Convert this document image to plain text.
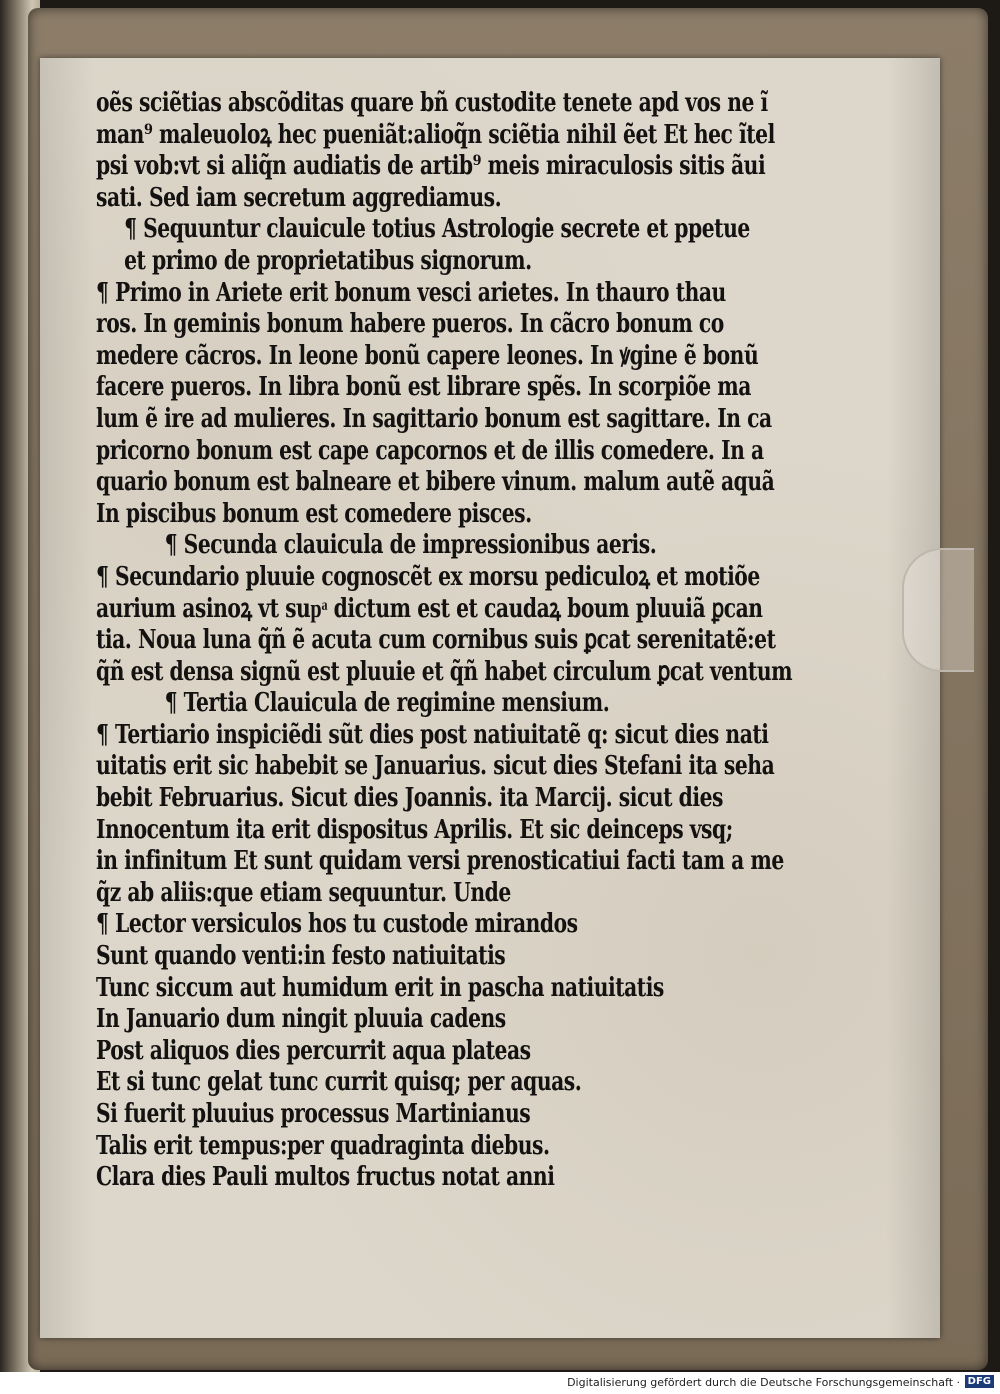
oẽs sciẽtias abscõditas quare bñ custodite tenete apd vos ne ĩ
man⁹ maleuoloꝝ hec pueniãt:alioq̃n sciẽtia nihil ẽet Et hec ĩtel
psi vob:vt si aliq̃n audiatis de artib⁹ meis miraculosis sitis ãui
sati. Sed iam secretum aggrediamus.
¶ Sequuntur clauicule totius Astrologie secrete et ppetue
et primo de proprietatibus signorum.
¶ Primo in Ariete erit bonum vesci arietes. In thauro thau
ros. In geminis bonum habere pueros. In cãcro bonum co
medere cãcros. In leone bonũ capere leones. In ꝟgine ẽ bonũ
facere pueros. In libra bonũ est librare spẽs. In scorpiõe ma
lum ẽ ire ad mulieres. In sagittario bonum est sagittare. In ca
pricorno bonum est cape capcornos et de illis comedere. In a
quario bonum est balneare et bibere vinum. malum autẽ aquã
In piscibus bonum est comedere pisces.
¶ Secunda clauicula de impressionibus aeris.
¶ Secundario pluuie cognoscẽt ex morsu pediculoꝝ et motiõe
aurium asinoꝝ vt supͣ dictum est et caudaꝝ boum pluuiã ꝑcan
tia. Noua luna q̃ñ ẽ acuta cum cornibus suis ꝑcat serenitatẽ:et
q̃ñ est densa signũ est pluuie et q̃ñ habet circulum ꝑcat ventum
¶ Tertia Clauicula de regimine mensium.
¶ Tertiario inspiciẽdi sũt dies post natiuitatẽ q: sicut dies nati
uitatis erit sic habebit se Januarius. sicut dies Stefani ita seha
bebit Februarius. Sicut dies Joannis. ita Marcij. sicut dies
Innocentum ita erit dispositus Aprilis. Et sic deinceps vsq;
in infinitum Et sunt quidam versi prenosticatiui facti tam a me
q̃z ab aliis:que etiam sequuntur. Unde
¶ Lector versiculos hos tu custode mirandos
Sunt quando venti:in festo natiuitatis
Tunc siccum aut humidum erit in pascha natiuitatis
In Januario dum ningit pluuia cadens
Post aliquos dies percurrit aqua plateas
Et si tunc gelat tunc currit quisq; per aquas.
Si fuerit pluuius processus Martinianus
Talis erit tempus:per quadraginta diebus.
Clara dies Pauli multos fructus notat anni
Digitalisierung gefördert durch die Deutsche Forschungsgemeinschaft · DFG
